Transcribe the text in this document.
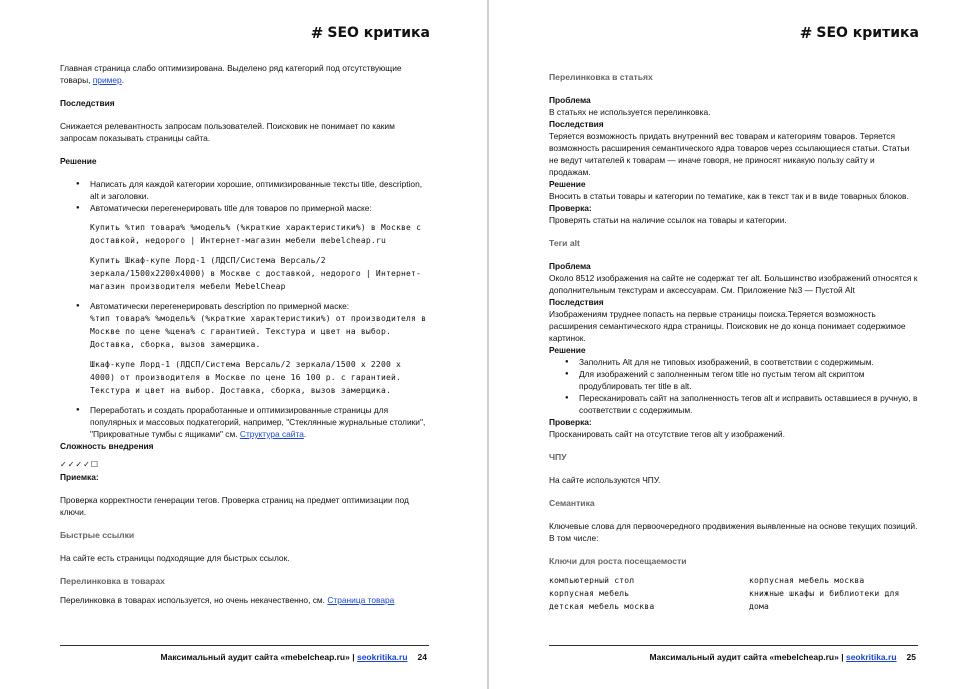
# SEO критика

Главная страница слабо оптимизирована. Выделено ряд категорий под отсутствующие товары, пример.

Последствия

Снижается релевантность запросам пользователей. Поисковик не понимает по каким запросам показывать страницы сайта.

Решение

● Написать для каждой категории хорошие, оптимизированные тексты title, description, alt и заголовки.
● Автоматически перегенерировать title для товаров по примерной маске:

Купить %тип товара% %модель% (%краткие характеристики%) в Москве с доставкой, недорого | Интернет-магазин мебели mebelcheap.ru

Купить Шкаф-купе Лорд-1 (ЛДСП/Система Версаль/2 зеркала/1500x2200x4000) в Москве с доставкой, недорого | Интернет-магазин производителя мебели MebelCheap

● Автоматически перегенерировать description по примерной маске:

%тип товара% %модель% (%краткие характеристики%) от производителя в Москве по цене %цена% с гарантией. Текстура и цвет на выбор. Доставка, сборка, вызов замерщика.

Шкаф-купе Лорд-1 (ЛДСП/Система Версаль/2 зеркала/1500 х 2200 х 4000) от производителя в Москве по цене 16 100 р. с гарантией. Текстура и цвет на выбор. Доставка, сборка, вызов замерщика.

● Переработать и создать проработанные и оптимизированные страницы для популярных и массовых подкатегорий, например, "Стеклянные журнальные столики", "Прикроватные тумбы с ящиками" см. Структура сайта.

Сложность внедрения

✓✓✓✓☐

Приемка:

Проверка корректности генерации тегов. Проверка страниц на предмет оптимизации под ключи.

Быстрые ссылки

На сайте есть страницы подходящие для быстрых ссылок.

Перелинковка в товарах

Перелинковка в товарах используется, но очень некачественно, см. Страница товара

Максимальный аудит сайта «mebelcheap.ru» | seokritika.ru 24
# SEO критика

Перелинковка в статьях

Проблема

В статьях не используется перелинковка.

Последствия

Теряется возможность придать внутренний вес товарам и категориям товаров. Теряется возможность расширения семантического ядра товаров через ссылающиеся статьи. Статьи не ведут читателей к товарам — иначе говоря, не приносят никакую пользу сайту и продажам.

Решение

Вносить в статьи товары и категории по тематике, как в текст так и в виде товарных блоков.

Проверка:

Проверять статьи на наличие ссылок на товары и категории.

Теги alt

Проблема

Около 8512 изображения на сайте не содержат тег alt. Большинство изображений относятся к дополнительным текстурам и аксессуарам. См. Приложение №3 — Пустой Alt

Последствия

Изображениям труднее попасть на первые страницы поиска.Теряется возможность расширения семантического ядра страницы. Поисковик не до конца понимает содержимое картинок.

Решение

● Заполнить Alt для не типовых изображений, в соответствии с содержимым.
● Для изображений с заполненным тегом title но пустым тегом alt скриптом продублировать тег title в alt.
● Пересканировать сайт на заполненность тегов alt и исправить оставшиеся в ручную, в соответствии с содержимым.

Проверка:

Просканировать сайт на отсутствие тегов alt у изображений.

ЧПУ

На сайте используются ЧПУ.

Семантика

Ключевые слова для первоочередного продвижения выявленные на основе текущих позиций. В том числе:

Ключи для роста посещаемости

компьютерный стол	корпусная мебель москва
корпусная мебель	книжные шкафы и библиотеки для
детская мебель москва	дома
Максимальный аудит сайта «mebelcheap.ru» | seokritika.ru 25
